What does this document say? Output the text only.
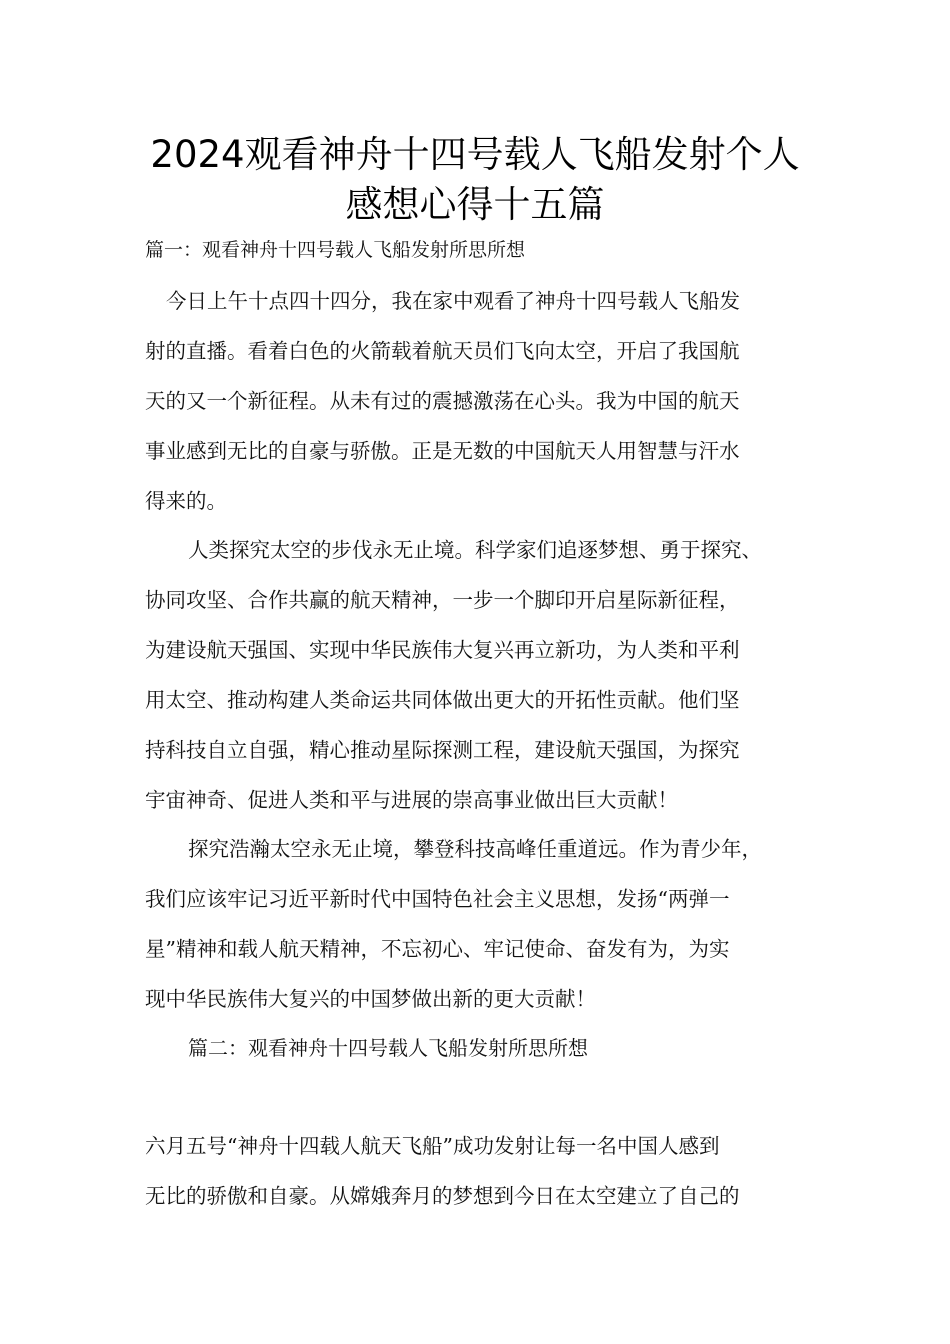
2024观看神舟十四号载人飞船发射个人
感想心得十五篇
篇一：观看神舟十四号载人飞船发射所思所想
今日上午十点四十四分，我在家中观看了神舟十四号载人飞船发
射的直播。看着白色的火箭载着航天员们飞向太空，开启了我国航
天的又一个新征程。从未有过的震撼激荡在心头。我为中国的航天
事业感到无比的自豪与骄傲。正是无数的中国航天人用智慧与汗水
得来的。
人类探究太空的步伐永无止境。科学家们追逐梦想、勇于探究、
协同攻坚、合作共赢的航天精神，一步一个脚印开启星际新征程，
为建设航天强国、实现中华民族伟大复兴再立新功，为人类和平利
用太空、推动构建人类命运共同体做出更大的开拓性贡献。他们坚
持科技自立自强，精心推动星际探测工程，建设航天强国，为探究
宇宙神奇、促进人类和平与进展的崇高事业做出巨大贡献！
探究浩瀚太空永无止境，攀登科技高峰任重道远。作为青少年，
我们应该牢记习近平新时代中国特色社会主义思想，发扬“两弹一
星”精神和载人航天精神，不忘初心、牢记使命、奋发有为，为实
现中华民族伟大复兴的中国梦做出新的更大贡献！
篇二：观看神舟十四号载人飞船发射所思所想
六月五号“神舟十四载人航天飞船”成功发射让每一名中国人感到
无比的骄傲和自豪。从嫦娥奔月的梦想到今日在太空建立了自己的
